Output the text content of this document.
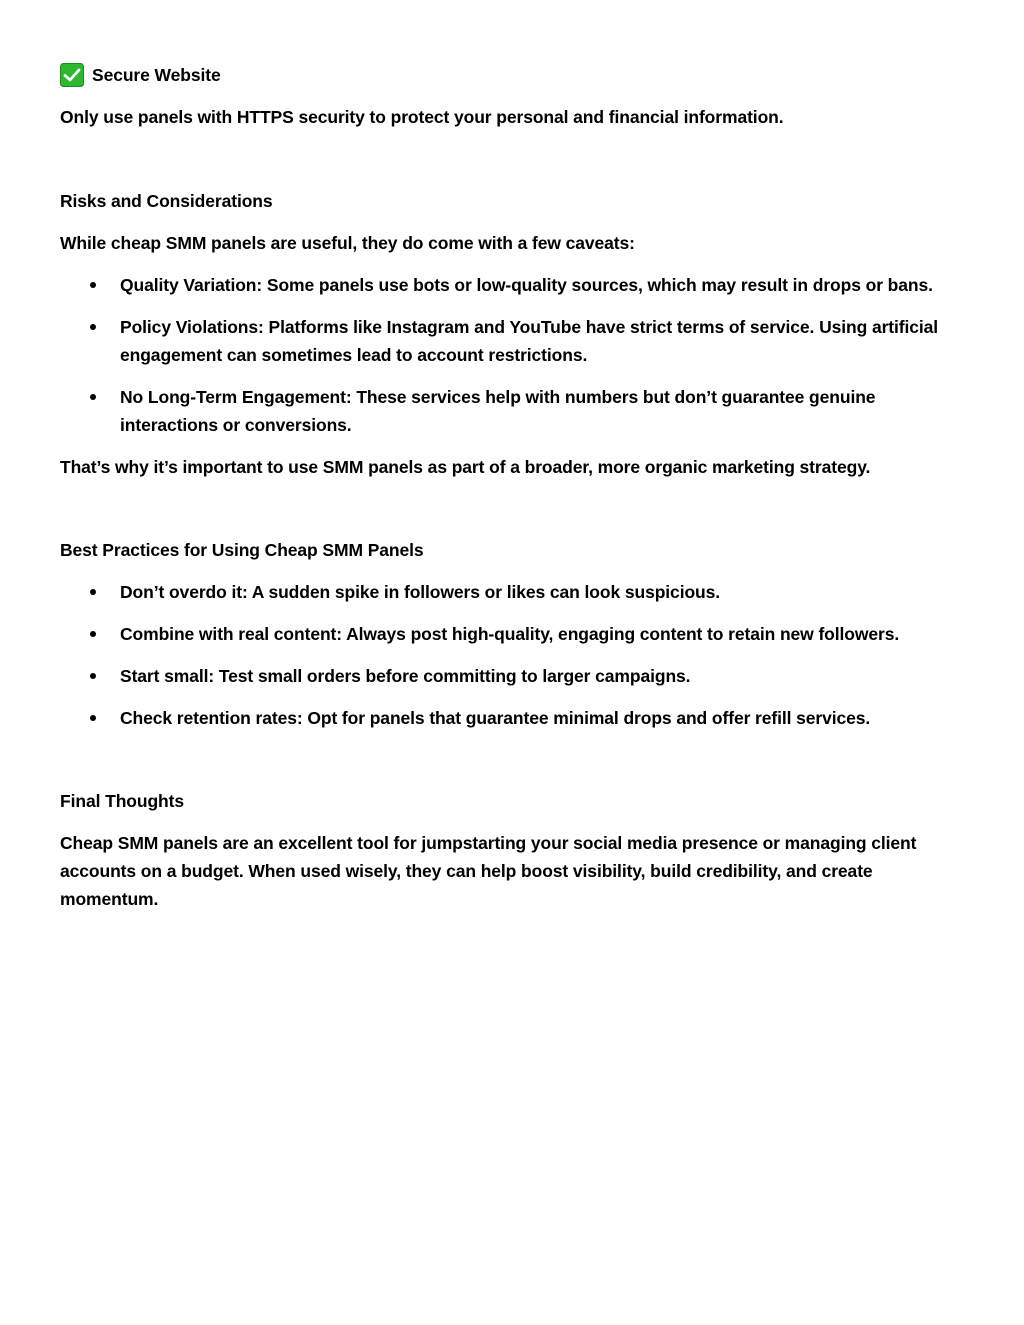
Secure Website
Only use panels with HTTPS security to protect your personal and financial information.
Risks and Considerations
While cheap SMM panels are useful, they do come with a few caveats:
Quality Variation: Some panels use bots or low-quality sources, which may result in drops or bans.
Policy Violations: Platforms like Instagram and YouTube have strict terms of service. Using artificial engagement can sometimes lead to account restrictions.
No Long-Term Engagement: These services help with numbers but don’t guarantee genuine interactions or conversions.
That’s why it’s important to use SMM panels as part of a broader, more organic marketing strategy.
Best Practices for Using Cheap SMM Panels
Don’t overdo it: A sudden spike in followers or likes can look suspicious.
Combine with real content: Always post high-quality, engaging content to retain new followers.
Start small: Test small orders before committing to larger campaigns.
Check retention rates: Opt for panels that guarantee minimal drops and offer refill services.
Final Thoughts
Cheap SMM panels are an excellent tool for jumpstarting your social media presence or managing client accounts on a budget. When used wisely, they can help boost visibility, build credibility, and create momentum.
